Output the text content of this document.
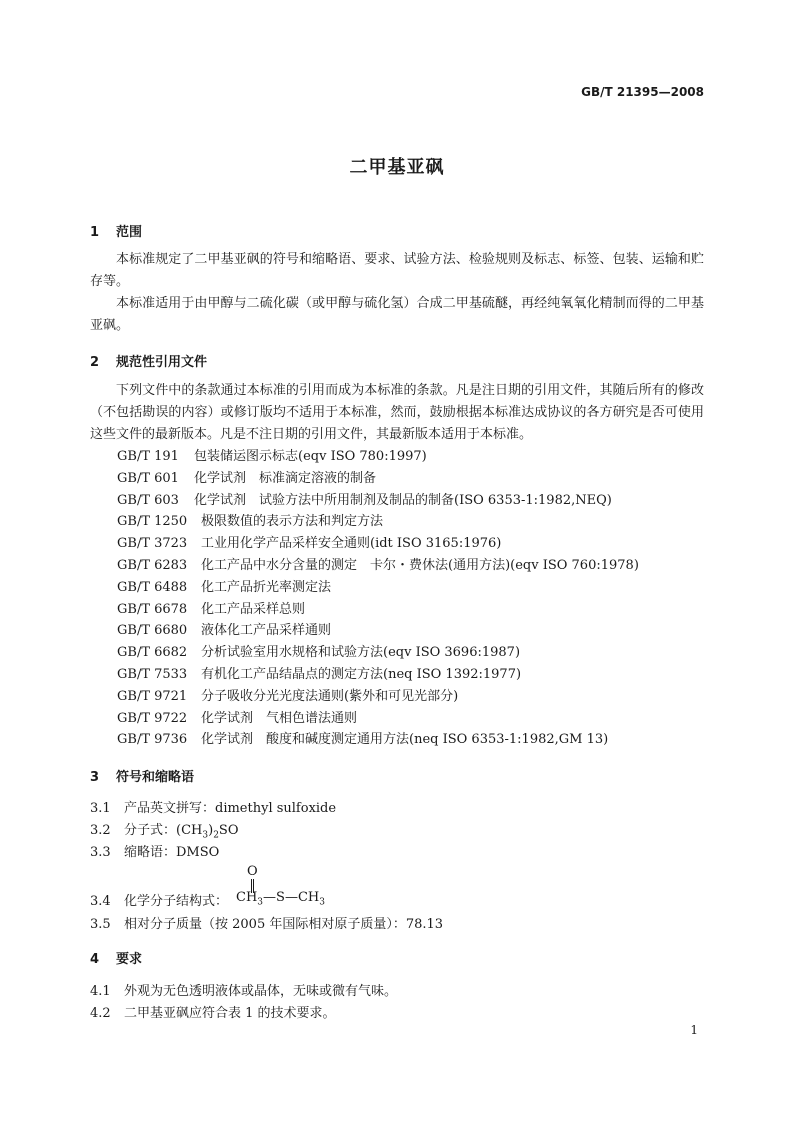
GB/T 21395—2008
二甲基亚砜
1 范围
本标准规定了二甲基亚砜的符号和缩略语、要求、试验方法、检验规则及标志、标签、包装、运输和贮存等。
本标准适用于由甲醇与二硫化碳（或甲醇与硫化氢）合成二甲基硫醚，再经纯氧氧化精制而得的二甲基亚砜。
2 规范性引用文件
下列文件中的条款通过本标准的引用而成为本标准的条款。凡是注日期的引用文件，其随后所有的修改（不包括勘误的内容）或修订版均不适用于本标准，然而，鼓励根据本标准达成协议的各方研究是否可使用这些文件的最新版本。凡是不注日期的引用文件，其最新版本适用于本标准。
GB/T 191 包装储运图示标志(eqv ISO 780:1997)
GB/T 601 化学试剂　标准滴定溶液的制备
GB/T 603 化学试剂　试验方法中所用制剂及制品的制备(ISO 6353-1:1982,NEQ)
GB/T 1250 极限数值的表示方法和判定方法
GB/T 3723 工业用化学产品采样安全通则(idt ISO 3165:1976)
GB/T 6283 化工产品中水分含量的测定　卡尔・费休法(通用方法)(eqv ISO 760:1978)
GB/T 6488 化工产品折光率测定法
GB/T 6678 化工产品采样总则
GB/T 6680 液体化工产品采样通则
GB/T 6682 分析试验室用水规格和试验方法(eqv ISO 3696:1987)
GB/T 7533 有机化工产品结晶点的测定方法(neq ISO 1392:1977)
GB/T 9721 分子吸收分光光度法通则(紫外和可见光部分)
GB/T 9722 化学试剂　气相色谱法通则
GB/T 9736 化学试剂　酸度和碱度测定通用方法(neq ISO 6353-1:1982,GM 13)
3 符号和缩略语
3.1 产品英文拼写：dimethyl sulfoxide
3.2 分子式：$(CH_3)_2SO$
3.3 缩略语：DMSO
3.4 化学分子结构式：
O
$CH_3—S—CH_3$
3.5 相对分子质量（按 2005 年国际相对原子质量）：78.13
4 要求
4.1 外观为无色透明液体或晶体，无味或微有气味。
4.2 二甲基亚砜应符合表 1 的技术要求。
1
